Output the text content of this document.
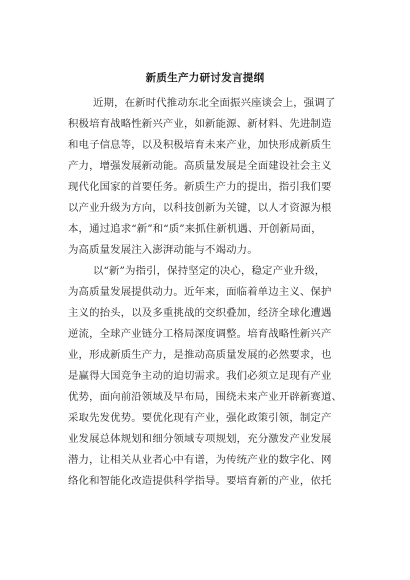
新质生产力研讨发言提纲

近期，在新时代推动东北全面振兴座谈会上，强调了

积极培育战略性新兴产业，如新能源、新材料、先进制造

和电子信息等，以及积极培育未来产业，加快形成新质生

产力，增强发展新动能。高质量发展是全面建设社会主义

现代化国家的首要任务。新质生产力的提出，指引我们要

以产业升级为方向，以科技创新为关键，以人才资源为根

本，通过追求“新”和“质”来抓住新机遇、开创新局面，

为高质量发展注入澎湃动能与不竭动力。

以“新”为指引，保持坚定的决心，稳定产业升级，

为高质量发展提供动力。近年来，面临着单边主义、保护

主义的抬头，以及多重挑战的交织叠加，经济全球化遭遇

逆流，全球产业链分工格局深度调整。培育战略性新兴产

业，形成新质生产力，是推动高质量发展的必然要求，也

是赢得大国竞争主动的迫切需求。我们必须立足现有产业

优势，面向前沿领域及早布局，围绕未来产业开辟新赛道、

采取先发优势。要优化现有产业，强化政策引领，制定产

业发展总体规划和细分领域专项规划，充分激发产业发展

潜力，让相关从业者心中有谱，为传统产业的数字化、网

络化和智能化改造提供科学指导。要培育新的产业，依托
